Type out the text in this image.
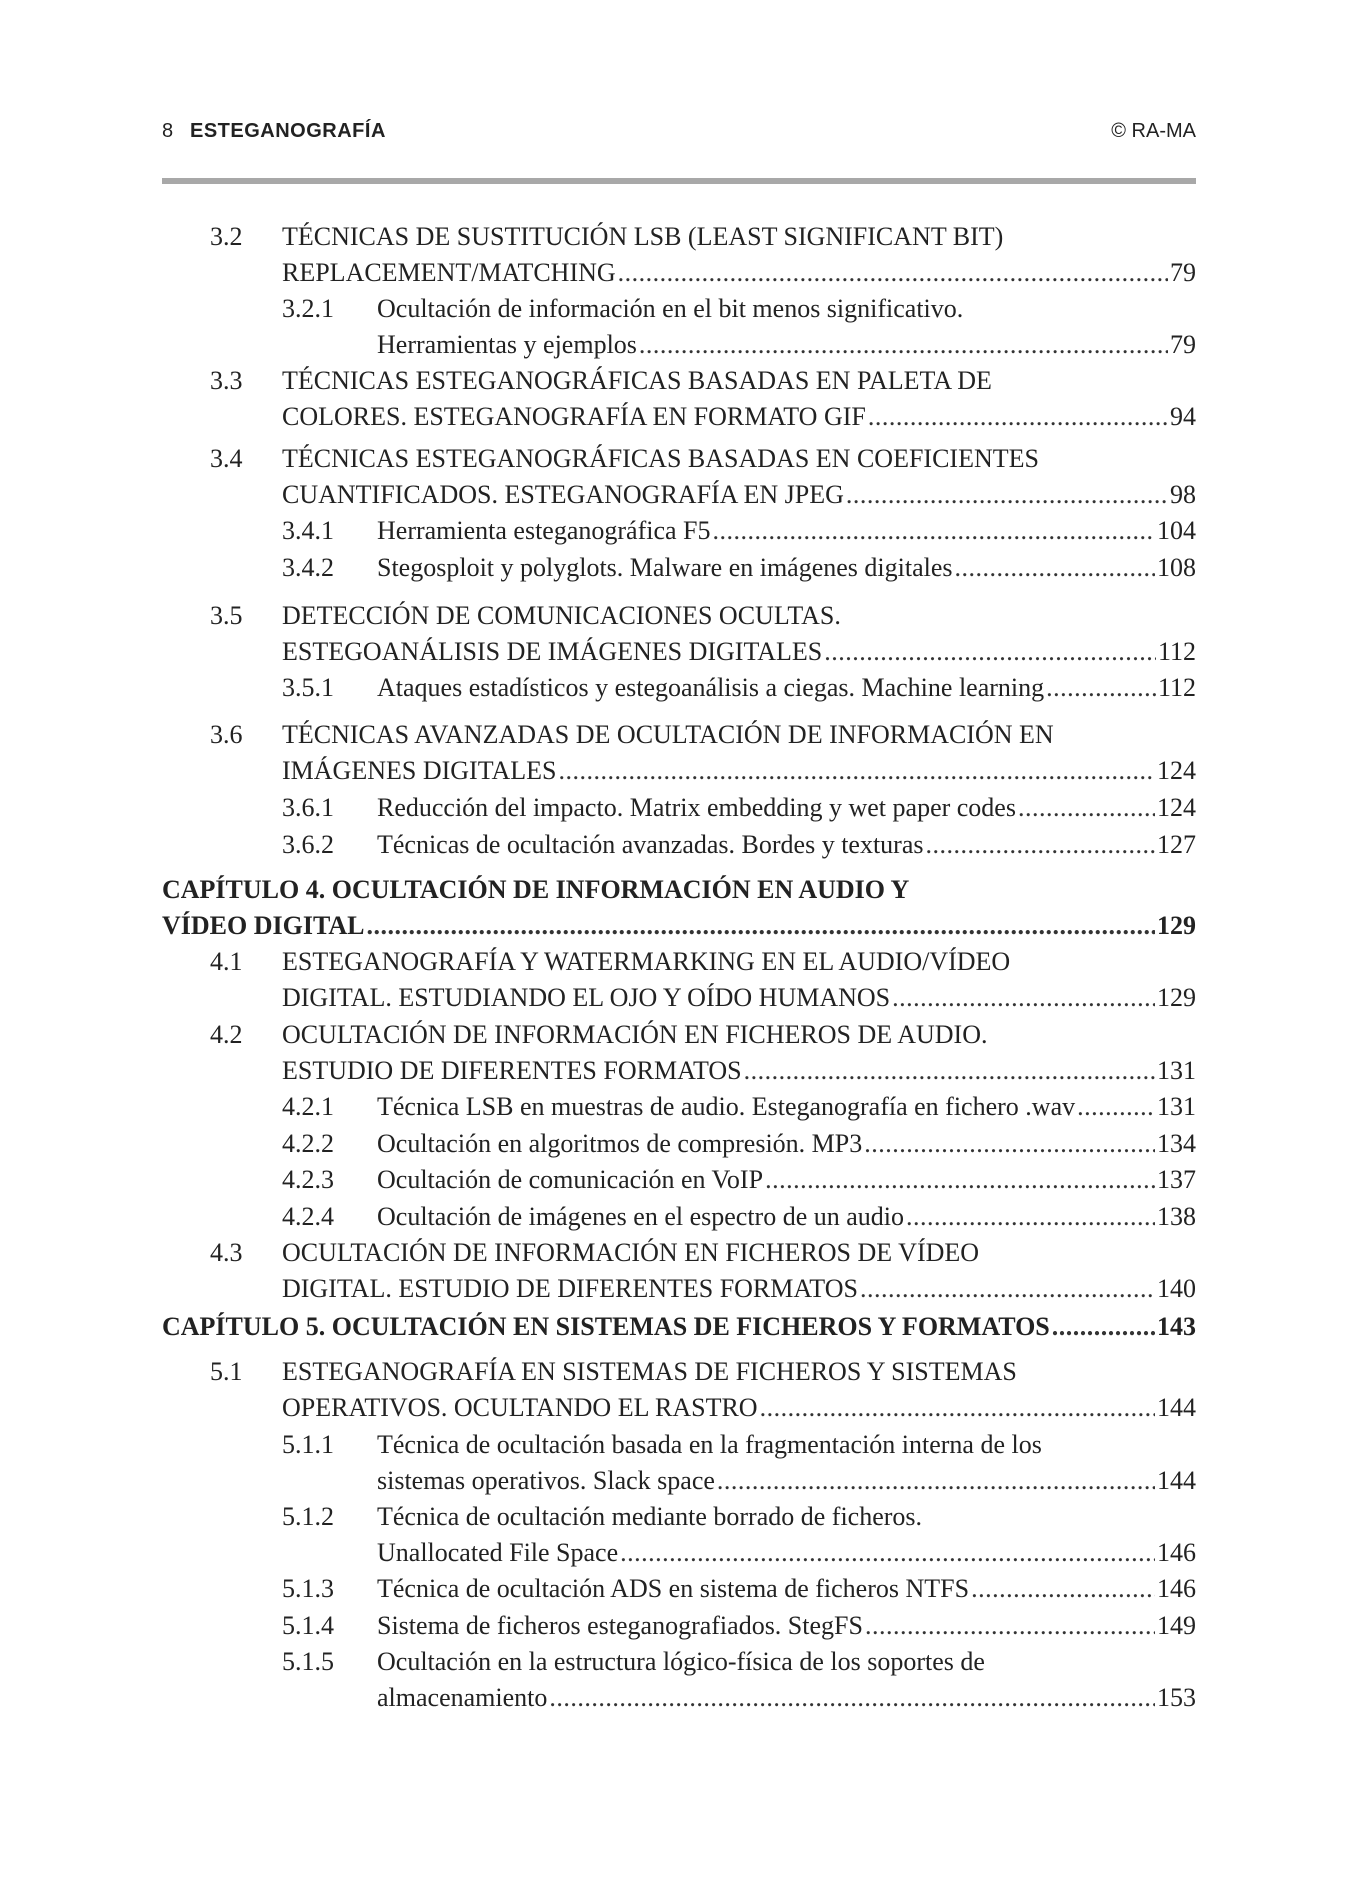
8 ESTEGANOGRAFÍA	© RA-MA
3.2 TÉCNICAS DE SUSTITUCIÓN LSB (LEAST SIGNIFICANT BIT)
REPLACEMENT/MATCHING .....	79
3.2.1 Ocultación de información en el bit menos significativo.
Herramientas y ejemplos .....	79
3.3 TÉCNICAS ESTEGANOGRÁFICAS BASADAS EN PALETA DE
COLORES. ESTEGANOGRAFÍA EN FORMATO GIF .....	94
3.4 TÉCNICAS ESTEGANOGRÁFICAS BASADAS EN COEFICIENTES
CUANTIFICADOS. ESTEGANOGRAFÍA EN JPEG .....	98
3.4.1 Herramienta esteganográfica F5 .....	104
3.4.2 Stegosploit y polyglots. Malware en imágenes digitales .....	108
3.5 DETECCIÓN DE COMUNICACIONES OCULTAS.
ESTEGOANÁLISIS DE IMÁGENES DIGITALES .....	112
3.5.1 Ataques estadísticos y estegoanálisis a ciegas. Machine learning .....	112
3.6 TÉCNICAS AVANZADAS DE OCULTACIÓN DE INFORMACIÓN EN
IMÁGENES DIGITALES .....	124
3.6.1 Reducción del impacto. Matrix embedding y wet paper codes .....	124
3.6.2 Técnicas de ocultación avanzadas. Bordes y texturas .....	127
CAPÍTULO 4. OCULTACIÓN DE INFORMACIÓN EN AUDIO Y
VÍDEO DIGITAL .....	129
4.1 ESTEGANOGRAFÍA Y WATERMARKING EN EL AUDIO/VÍDEO
DIGITAL. ESTUDIANDO EL OJO Y OÍDO HUMANOS .....	129
4.2 OCULTACIÓN DE INFORMACIÓN EN FICHEROS DE AUDIO.
ESTUDIO DE DIFERENTES FORMATOS .....	131
4.2.1 Técnica LSB en muestras de audio. Esteganografía en fichero .wav .....	131
4.2.2 Ocultación en algoritmos de compresión. MP3 .....	134
4.2.3 Ocultación de comunicación en VoIP .....	137
4.2.4 Ocultación de imágenes en el espectro de un audio .....	138
4.3 OCULTACIÓN DE INFORMACIÓN EN FICHEROS DE VÍDEO
DIGITAL. ESTUDIO DE DIFERENTES FORMATOS .....	140
CAPÍTULO 5. OCULTACIÓN EN SISTEMAS DE FICHEROS Y FORMATOS .....	143
5.1 ESTEGANOGRAFÍA EN SISTEMAS DE FICHEROS Y SISTEMAS
OPERATIVOS. OCULTANDO EL RASTRO .....	144
5.1.1 Técnica de ocultación basada en la fragmentación interna de los
sistemas operativos. Slack space .....	144
5.1.2 Técnica de ocultación mediante borrado de ficheros.
Unallocated File Space .....	146
5.1.3 Técnica de ocultación ADS en sistema de ficheros NTFS .....	146
5.1.4 Sistema de ficheros esteganografiados. StegFS .....	149
5.1.5 Ocultación en la estructura lógico-física de los soportes de
almacenamiento .....	153
